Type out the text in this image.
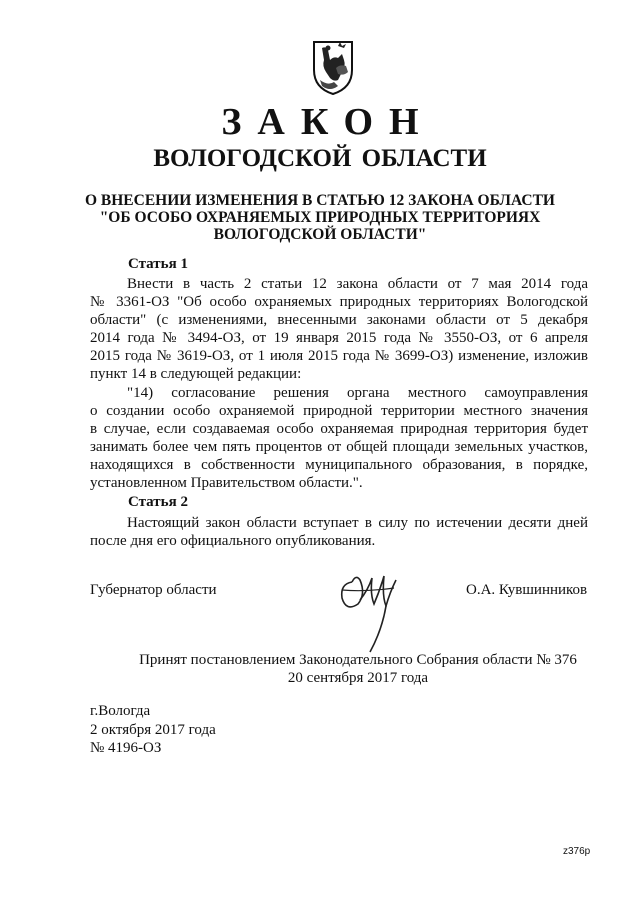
ЗАКОН
ВОЛОГОДСКОЙ ОБЛАСТИ
О ВНЕСЕНИИ ИЗМЕНЕНИЯ В СТАТЬЮ 12 ЗАКОНА ОБЛАСТИ
"ОБ ОСОБО ОХРАНЯЕМЫХ ПРИРОДНЫХ ТЕРРИТОРИЯХ
ВОЛОГОДСКОЙ ОБЛАСТИ"
Статья 1
Внести в часть 2 статьи 12 закона области от 7 мая 2014 года
№ 3361-ОЗ "Об особо охраняемых природных территориях Вологодской
области" (с изменениями, внесенными законами области от 5 декабря
2014 года № 3494-ОЗ, от 19 января 2015 года № 3550-ОЗ, от 6 апреля
2015 года № 3619-ОЗ, от 1 июля 2015 года № 3699-ОЗ) изменение, изложив
пункт 14 в следующей редакции:
"14) согласование решения органа местного самоуправления
о создании особо охраняемой природной территории местного значения
в случае, если создаваемая особо охраняемая природная территория будет
занимать более чем пять процентов от общей площади земельных участков,
находящихся в собственности муниципального образования, в порядке,
установленном Правительством области.".
Статья 2
Настоящий закон области вступает в силу по истечении десяти дней
после дня его официального опубликования.
Губернатор области	О.А. Кувшинников
Принят постановлением Законодательного Собрания области № 376
20 сентября 2017 года
г.Вологда
2 октября 2017 года
№ 4196-ОЗ
z376р
